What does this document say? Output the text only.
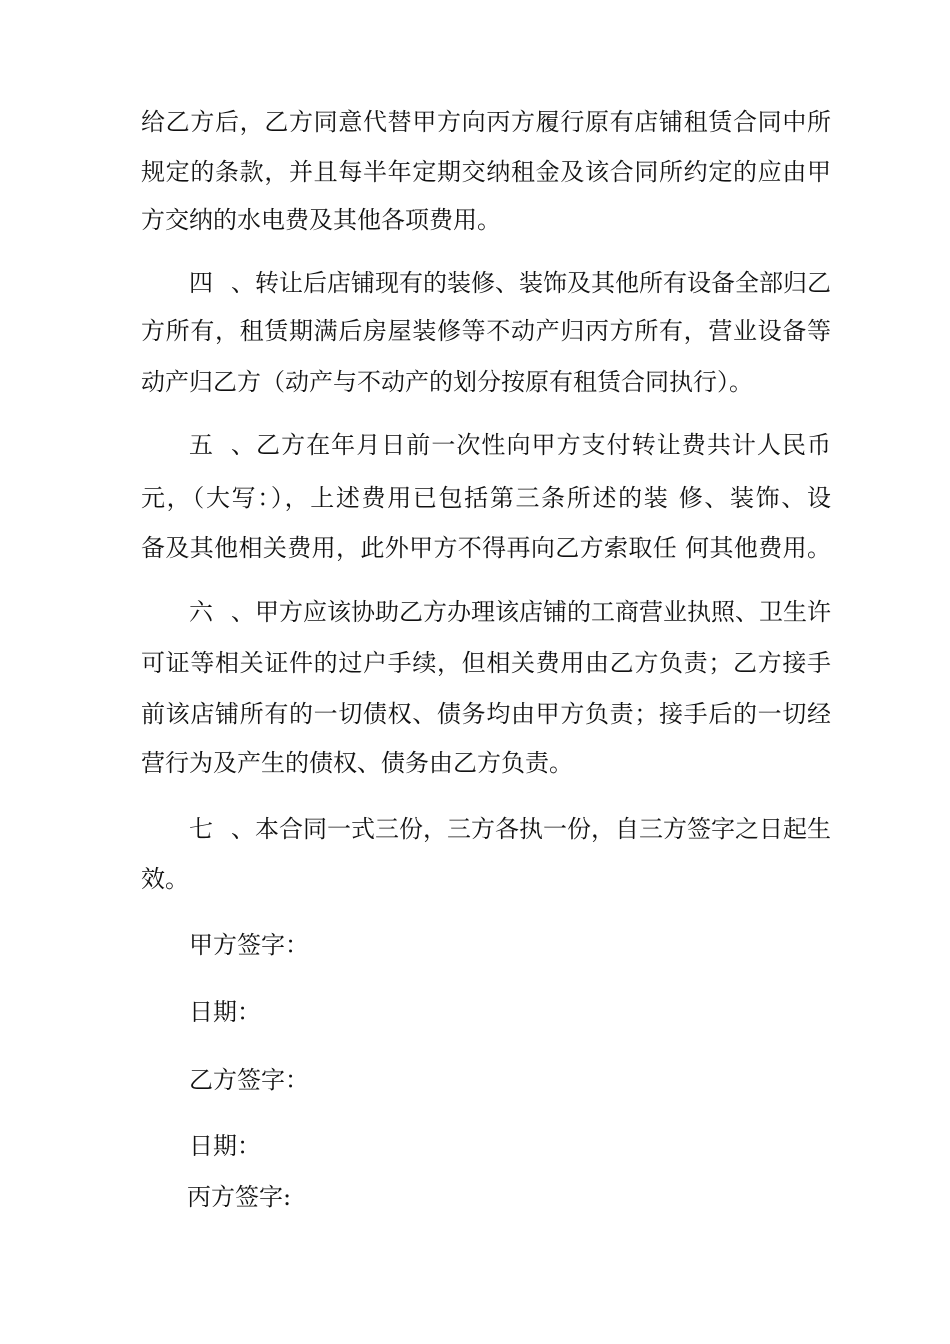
给乙方后，乙方同意代替甲方向丙方履行原有店铺租赁合同中所
规定的条款，并且每半年定期交纳租金及该合同所约定的应由甲
方交纳的水电费及其他各项费用。
四、转让后店铺现有的装修、装饰及其他所有设备全部归乙
方所有，租赁期满后房屋装修等不动产归丙方所有，营业设备等
动产归乙方（动产与不动产的划分按原有租赁合同执行）。
五、乙方在年月日前一次性向甲方支付转让费共计人民币
元，（大写：），上述费用已包括第三条所述的装 修、装饰、设
备及其他相关费用，此外甲方不得再向乙方索取任 何其他费用。
六、甲方应该协助乙方办理该店铺的工商营业执照、卫生许
可证等相关证件的过户手续，但相关费用由乙方负责；乙方接手
前该店铺所有的一切债权、债务均由甲方负责；接手后的一切经
营行为及产生的债权、债务由乙方负责。
七、本合同一式三份，三方各执一份，自三方签字之日起生
效。
甲方签字：
日期：
乙方签字：
日期：
丙方签字:
